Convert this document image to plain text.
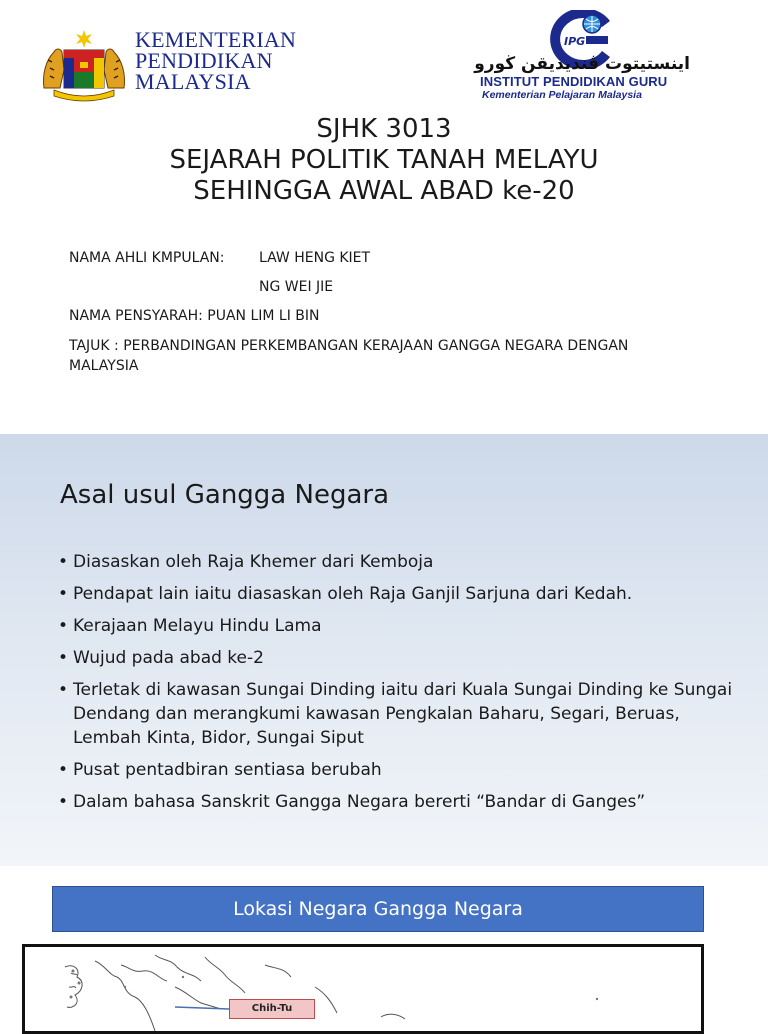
KEMENTERIAN
PENDIDIKAN
MALAYSIA
IPG
اينستيتوت ڤنديديقن ڬورو
INSTITUT PENDIDIKAN GURU
Kementerian Pelajaran Malaysia
SJHK 3013
SEJARAH POLITIK TANAH MELAYU
SEHINGGA AWAL ABAD ke-20
NAMA AHLI KMPULAN: LAW HENG KIET
NG WEI JIE
NAMA PENSYARAH: PUAN LIM LI BIN
TAJUK : PERBANDINGAN PERKEMBANGAN KERAJAAN GANGGA NEGARA DENGAN MALAYSIA
Asal usul Gangga Negara
• Diasaskan oleh Raja Khemer dari Kemboja
• Pendapat lain iaitu diasaskan oleh Raja Ganjil Sarjuna dari Kedah.
• Kerajaan Melayu Hindu Lama
• Wujud pada abad ke-2
• Terletak di kawasan Sungai Dinding iaitu dari Kuala Sungai Dinding ke Sungai Dendang dan merangkumi kawasan Pengkalan Baharu, Segari, Beruas, Lembah Kinta, Bidor, Sungai Siput
• Pusat pentadbiran sentiasa berubah
• Dalam bahasa Sanskrit Gangga Negara bererti “Bandar di Ganges”
Lokasi Negara Gangga Negara
Chih-Tu
